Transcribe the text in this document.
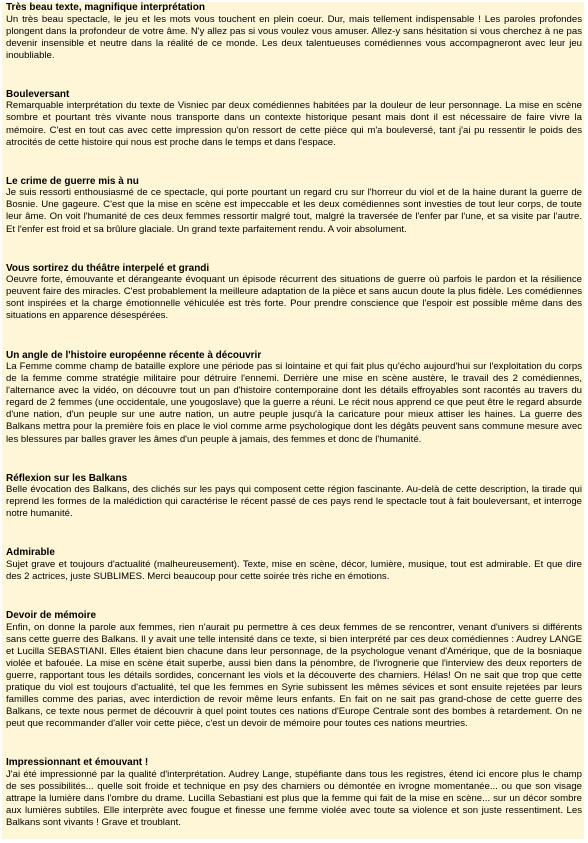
Très beau texte, magnifique interprétation
Un très beau spectacle, le jeu et les mots vous touchent en plein coeur. Dur, mais tellement indispensable ! Les paroles profondes plongent dans la profondeur de votre âme. N'y allez pas si vous voulez vous amuser. Allez-y sans hésitation si vous cherchez à ne pas devenir insensible et neutre dans la réalité de ce monde. Les deux talentueuses comédiennes vous accompagneront avec leur jeu inoubliable.
Bouleversant
Remarquable interprétation du texte de Visniec par deux comédiennes habitées par la douleur de leur personnage. La mise en scène sombre et pourtant très vivante nous transporte dans un contexte historique pesant mais dont il est nécessaire de faire vivre la mémoire. C'est en tout cas avec cette impression qu'on ressort de cette pièce qui m'a bouleversé, tant j'ai pu ressentir le poids des atrocités de cette histoire qui nous est proche dans le temps et dans l'espace.
Le crime de guerre mis à nu
Je suis ressorti enthousiasmé de ce spectacle, qui porte pourtant un regard cru sur l'horreur du viol et de la haine durant la guerre de Bosnie. Une gageure. C'est que la mise en scène est impeccable et les deux comédiennes sont investies de tout leur corps, de toute leur âme. On voit l'humanité de ces deux femmes ressortir malgré tout, malgré la traversée de l'enfer par l'une, et sa visite par l'autre. Et l'enfer est froid et sa brûlure glaciale. Un grand texte parfaitement rendu. A voir absolument.
Vous sortirez du théâtre interpelé et grandi
Oeuvre forte, émouvante et dérangeante évoquant un épisode récurrent des situations de guerre où parfois le pardon et la résilience peuvent faire des miracles. C'est probablement la meilleure adaptation de la pièce et sans aucun doute la plus fidèle. Les comédiennes sont inspirées et la charge émotionnelle véhiculée est très forte. Pour prendre conscience que l'espoir est possible même dans des situations en apparence désespérées.
Un angle de l'histoire européenne récente à découvrir
La Femme comme champ de bataille explore une période pas si lointaine et qui fait plus qu'écho aujourd'hui sur l'exploitation du corps de la femme comme stratégie militaire pour détruire l'ennemi. Derrière une mise en scène austère, le travail des 2 comédiennes, l'alternance avec la vidéo, on découvre tout un pan d'histoire contemporaine dont les détails effroyables sont racontés au travers du regard de 2 femmes (une occidentale, une yougoslave) que la guerre a réuni. Le récit nous apprend ce que peut être le regard absurde d'une nation, d'un peuple sur une autre nation, un autre peuple jusqu'à la caricature pour mieux attiser les haines. La guerre des Balkans mettra pour la première fois en place le viol comme arme psychologique dont les dégâts peuvent sans commune mesure avec les blessures par balles graver les âmes d'un peuple à jamais, des femmes et donc de l'humanité.
Réflexion sur les Balkans
Belle évocation des Balkans, des clichés sur les pays qui composent cette région fascinante. Au-delà de cette description, la tirade qui reprend les formes de la malédiction qui caractérise le récent passé de ces pays rend le spectacle tout à fait bouleversant, et interroge notre humanité.
Admirable
Sujet grave et toujours d'actualité (malheureusement). Texte, mise en scène, décor, lumière, musique, tout est admirable. Et que dire des 2 actrices, juste SUBLIMES. Merci beaucoup pour cette soirée très riche en émotions.
Devoir de mémoire
Enfin, on donne la parole aux femmes, rien n'aurait pu permettre à ces deux femmes de se rencontrer, venant d'univers si différents sans cette guerre des Balkans. Il y avait une telle intensité dans ce texte, si bien interprété par ces deux comédiennes : Audrey LANGE et Lucilla SEBASTIANI. Elles étaient bien chacune dans leur personnage, de la psychologue venant d'Amérique, que de la bosniaque violée et bafouée. La mise en scène était superbe, aussi bien dans la pénombre, de l'ivrognerie que l'interview des deux reporters de guerre, rapportant tous les détails sordides, concernant les viols et la découverte des charniers. Hélas! On ne sait que trop que cette pratique du viol est toujours d'actualité, tel que les femmes en Syrie subissent les mêmes sévices et sont ensuite rejetées par leurs familles comme des parias, avec interdiction de revoir même leurs enfants. En fait on ne sait pas grand-chose de cette guerre des Balkans, ce texte nous permet de découvrir à quel point toutes ces nations d'Europe Centrale sont des bombes à retardement. On ne peut que recommander d'aller voir cette pièce, c'est un devoir de mémoire pour toutes ces nations meurtries.
Impressionnant et émouvant !
J'ai été impressionné par la qualité d'interprétation. Audrey Lange, stupéfiante dans tous les registres, étend ici encore plus le champ de ses possibilités... quelle soit froide et technique en psy des charniers ou démontée en ivrogne momentanée... ou que son visage attrape la lumière dans l'ombre du drame. Lucilla Sebastiani est plus que la femme qui fait de la mise en scène... sur un décor sombre aux lumières subtiles. Elle interprète avec fougue et finesse une femme violée avec toute sa violence et son juste ressentiment. Les Balkans sont vivants ! Grave et troublant.
